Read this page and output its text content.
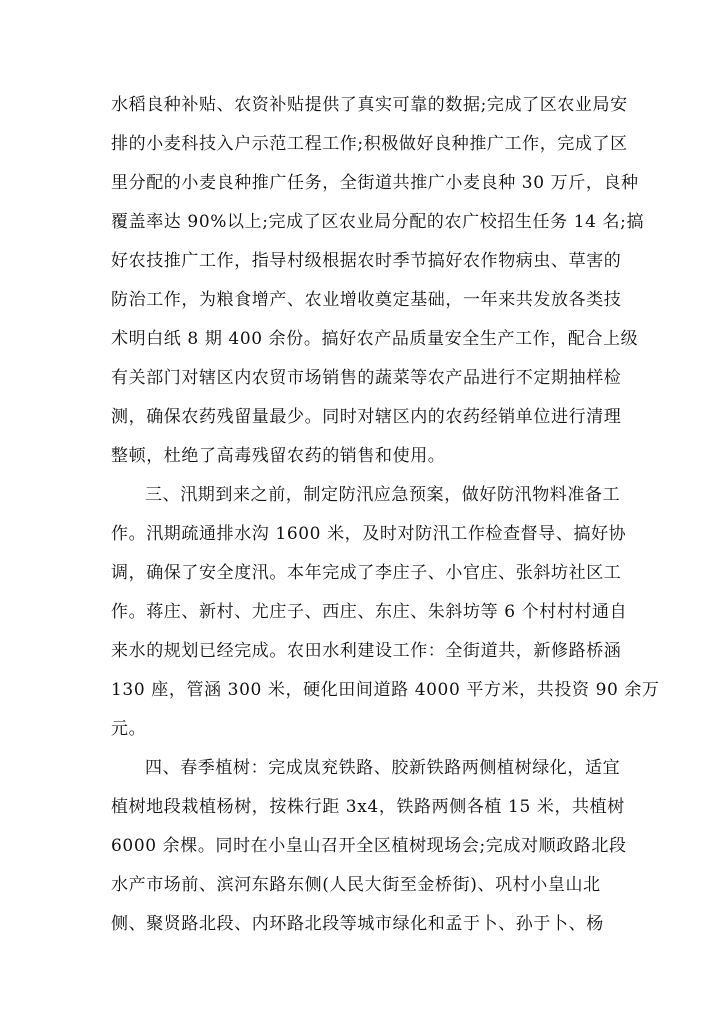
水稻良种补贴、农资补贴提供了真实可靠的数据;完成了区农业局安
排的小麦科技入户示范工程工作;积极做好良种推广工作，完成了区
里分配的小麦良种推广任务，全街道共推广小麦良种 30 万斤，良种
覆盖率达 90%以上;完成了区农业局分配的农广校招生任务 14 名;搞
好农技推广工作，指导村级根据农时季节搞好农作物病虫、草害的
防治工作，为粮食增产、农业增收奠定基础，一年来共发放各类技
术明白纸 8 期 400 余份。搞好农产品质量安全生产工作，配合上级
有关部门对辖区内农贸市场销售的蔬菜等农产品进行不定期抽样检
测，确保农药残留量最少。同时对辖区内的农药经销单位进行清理
整顿，杜绝了高毒残留农药的销售和使用。
三、汛期到来之前，制定防汛应急预案，做好防汛物料准备工
作。汛期疏通排水沟 1600 米，及时对防汛工作检查督导、搞好协
调，确保了安全度汛。本年完成了李庄子、小官庄、张斜坊社区工
作。蒋庄、新村、尤庄子、西庄、东庄、朱斜坊等 6 个村村村通自
来水的规划已经完成。农田水利建设工作：全街道共，新修路桥涵
130 座，管涵 300 米，硬化田间道路 4000 平方米，共投资 90 余万
元。
四、春季植树：完成岚兖铁路、胶新铁路两侧植树绿化，适宜
植树地段栽植杨树，按株行距 3x4，铁路两侧各植 15 米，共植树
6000 余棵。同时在小皇山召开全区植树现场会;完成对顺政路北段
水产市场前、滨河东路东侧(人民大街至金桥街)、巩村小皇山北
侧、聚贤路北段、内环路北段等城市绿化和孟于卜、孙于卜、杨
